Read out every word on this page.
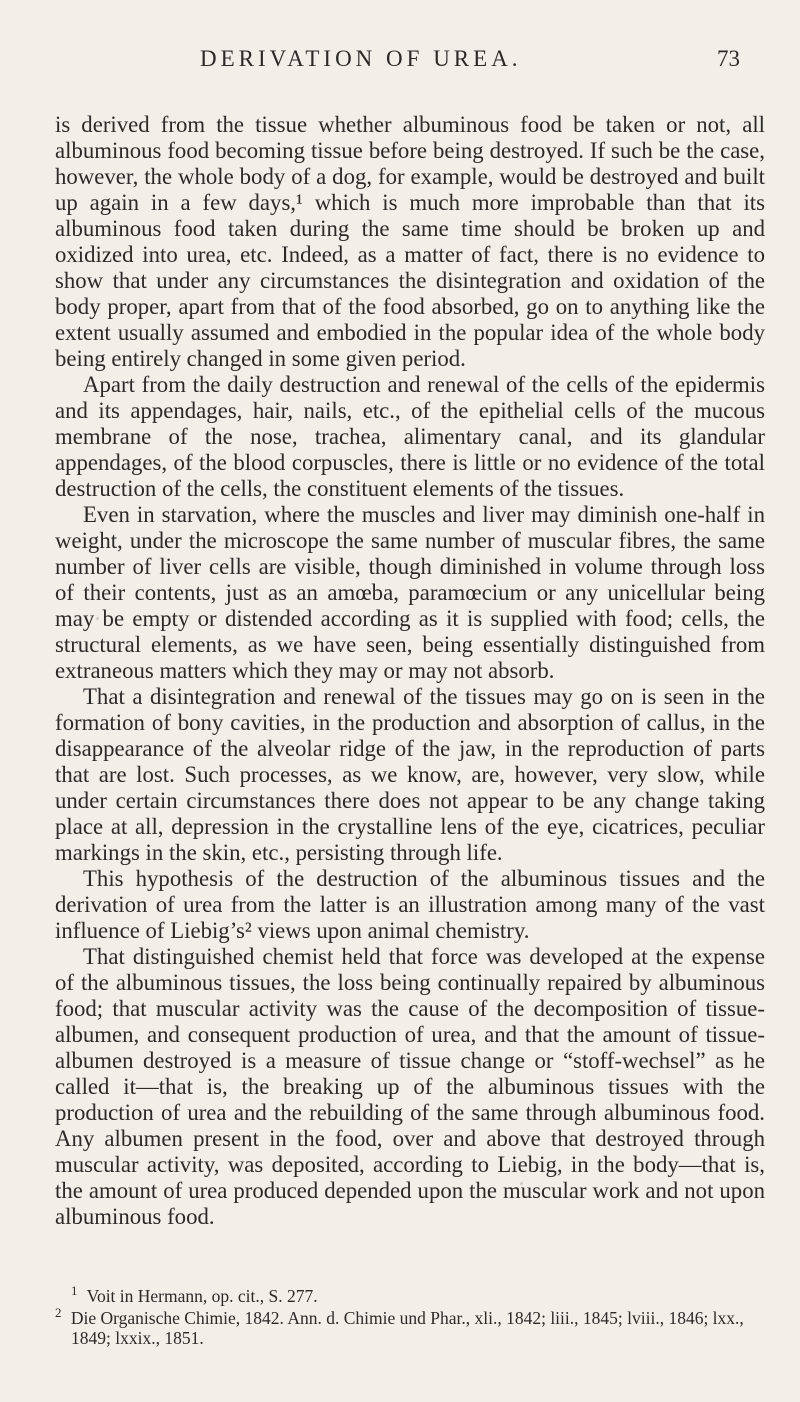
DERIVATION OF UREA.	73

is derived from the tissue whether albuminous food be taken or not, all albuminous food becoming tissue before being destroyed. If such be the case, however, the whole body of a dog, for example, would be destroyed and built up again in a few days,¹ which is much more improbable than that its albuminous food taken during the same time should be broken up and oxidized into urea, etc. Indeed, as a matter of fact, there is no evidence to show that under any circumstances the disintegration and oxidation of the body proper, apart from that of the food absorbed, go on to anything like the extent usually assumed and embodied in the popular idea of the whole body being entirely changed in some given period.

Apart from the daily destruction and renewal of the cells of the epidermis and its appendages, hair, nails, etc., of the epithelial cells of the mucous membrane of the nose, trachea, alimentary canal, and its glandular appendages, of the blood corpuscles, there is little or no evidence of the total destruction of the cells, the constituent elements of the tissues.

Even in starvation, where the muscles and liver may diminish one-half in weight, under the microscope the same number of muscular fibres, the same number of liver cells are visible, though diminished in volume through loss of their contents, just as an amœba, paramœcium or any unicellular being may be empty or distended according as it is supplied with food; cells, the structural elements, as we have seen, being essentially distinguished from extraneous matters which they may or may not absorb.

That a disintegration and renewal of the tissues may go on is seen in the formation of bony cavities, in the production and absorption of callus, in the disappearance of the alveolar ridge of the jaw, in the reproduction of parts that are lost. Such processes, as we know, are, however, very slow, while under certain circumstances there does not appear to be any change taking place at all, depression in the crystalline lens of the eye, cicatrices, peculiar markings in the skin, etc., persisting through life.

This hypothesis of the destruction of the albuminous tissues and the derivation of urea from the latter is an illustration among many of the vast influence of Liebig’s² views upon animal chemistry.

That distinguished chemist held that force was developed at the expense of the albuminous tissues, the loss being continually repaired by albuminous food; that muscular activity was the cause of the decomposition of tissue-albumen, and consequent production of urea, and that the amount of tissue-albumen destroyed is a measure of tissue change or “stoff-wechsel” as he called it—that is, the breaking up of the albuminous tissues with the production of urea and the rebuilding of the same through albuminous food. Any albumen present in the food, over and above that destroyed through muscular activity, was deposited, according to Liebig, in the body—that is, the amount of urea produced depended upon the muscular work and not upon albuminous food.

$^1$ Voit in Hermann, op. cit., S. 277.
$^2$ Die Organische Chimie, 1842. Ann. d. Chimie und Phar., xli., 1842; liii., 1845; lviii., 1846; lxx., 1849; lxxix., 1851.
